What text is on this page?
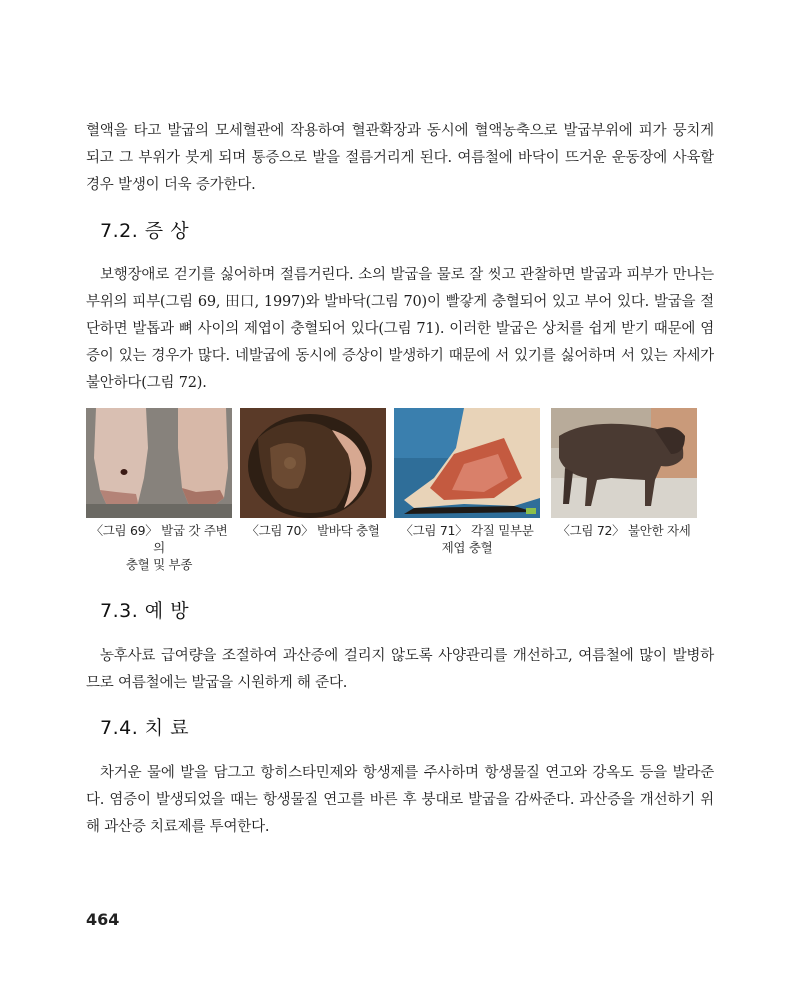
혈액을 타고 발굽의 모세혈관에 작용하여 혈관확장과 동시에 혈액농축으로 발굽부위에 피가 뭉치게 되고 그 부위가 붓게 되며 통증으로 발을 절름거리게 된다. 여름철에 바닥이 뜨거운 운동장에 사육할 경우 발생이 더욱 증가한다.

7.2. 증 상

보행장애로 걷기를 싫어하며 절름거린다. 소의 발굽을 물로 잘 씻고 관찰하면 발굽과 피부가 만나는 부위의 피부(그림 69, 田口, 1997)와 발바닥(그림 70)이 빨갛게 충혈되어 있고 부어 있다. 발굽을 절단하면 발톱과 뼈 사이의 제엽이 충혈되어 있다(그림 71). 이러한 발굽은 상처를 쉽게 받기 때문에 염증이 있는 경우가 많다. 네발굽에 동시에 증상이 발생하기 때문에 서 있기를 싫어하며 서 있는 자세가 불안하다(그림 72).

〈그림 69〉 발굽 갓 주변의
충혈 및 부종
〈그림 70〉 발바닥 충혈	〈그림 71〉 각질 밑부분
제엽 충혈
〈그림 72〉 불안한 자세
7.3. 예 방

농후사료 급여량을 조절하여 과산증에 걸리지 않도록 사양관리를 개선하고, 여름철에 많이 발병하므로 여름철에는 발굽을 시원하게 해 준다.

7.4. 치 료

차거운 물에 발을 담그고 항히스타민제와 항생제를 주사하며 항생물질 연고와 강옥도 등을 발라준다. 염증이 발생되었을 때는 항생물질 연고를 바른 후 붕대로 발굽을 감싸준다. 과산증을 개선하기 위해 과산증 치료제를 투여한다.

464
